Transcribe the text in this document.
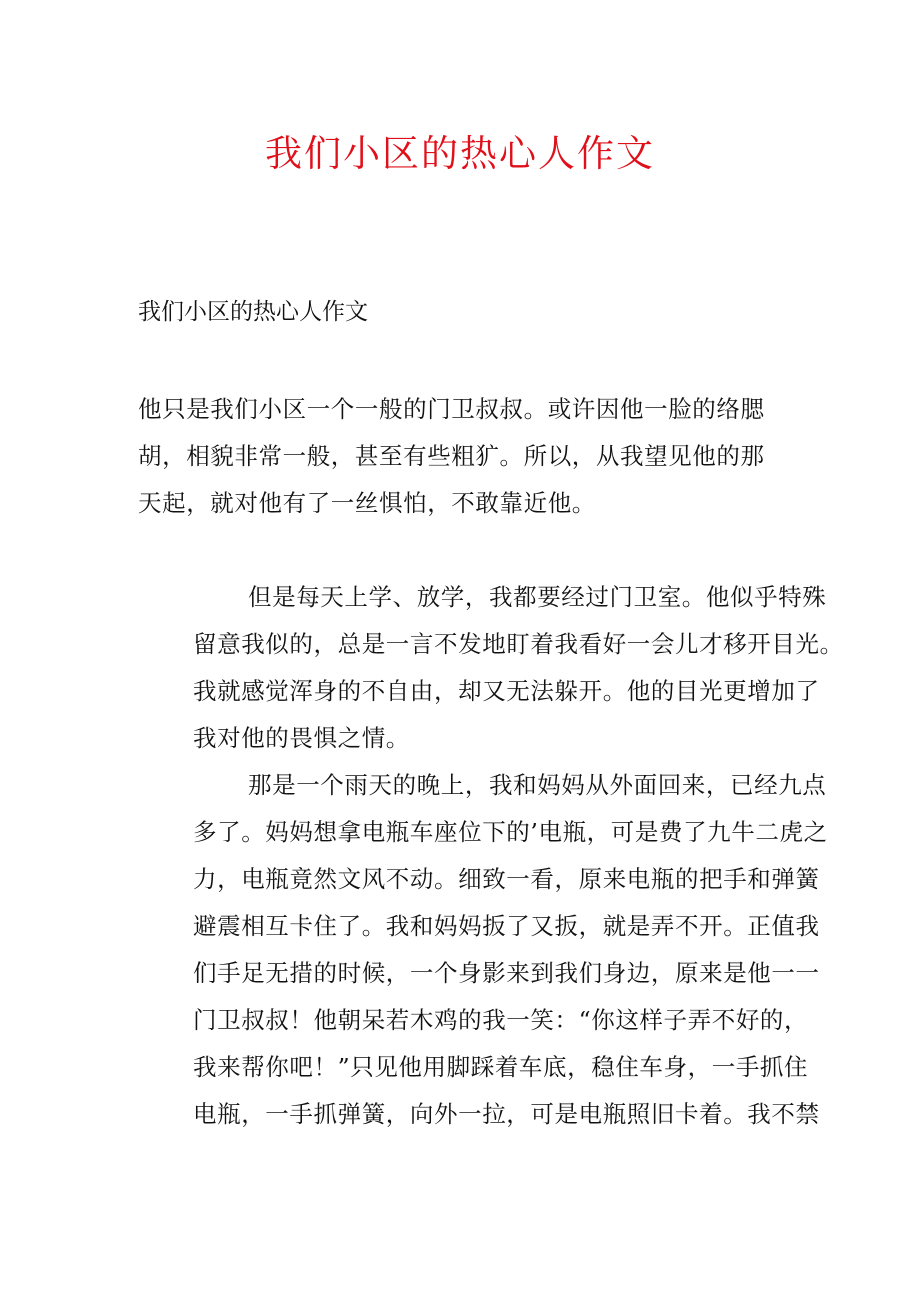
我们小区的热心人作文

我们小区的热心人作文

他只是我们小区一个一般的门卫叔叔。或许因他一脸的络腮
胡，相貌非常一般，甚至有些粗犷。所以，从我望见他的那
天起，就对他有了一丝惧怕，不敢靠近他。

但是每天上学、放学，我都要经过门卫室。他似乎特殊
留意我似的，总是一言不发地盯着我看好一会儿才移开目光。
我就感觉浑身的不自由，却又无法躲开。他的目光更增加了
我对他的畏惧之情。

那是一个雨天的晚上，我和妈妈从外面回来，已经九点
多了。妈妈想拿电瓶车座位下的’电瓶，可是费了九牛二虎之
力，电瓶竟然文风不动。细致一看，原来电瓶的把手和弹簧
避震相互卡住了。我和妈妈扳了又扳，就是弄不开。正值我
们手足无措的时候，一个身影来到我们身边，原来是他一一
门卫叔叔！他朝呆若木鸡的我一笑：“你这样子弄不好的，
我来帮你吧！”只见他用脚踩着车底，稳住车身，一手抓住
电瓶，一手抓弹簧，向外一拉，可是电瓶照旧卡着。我不禁
